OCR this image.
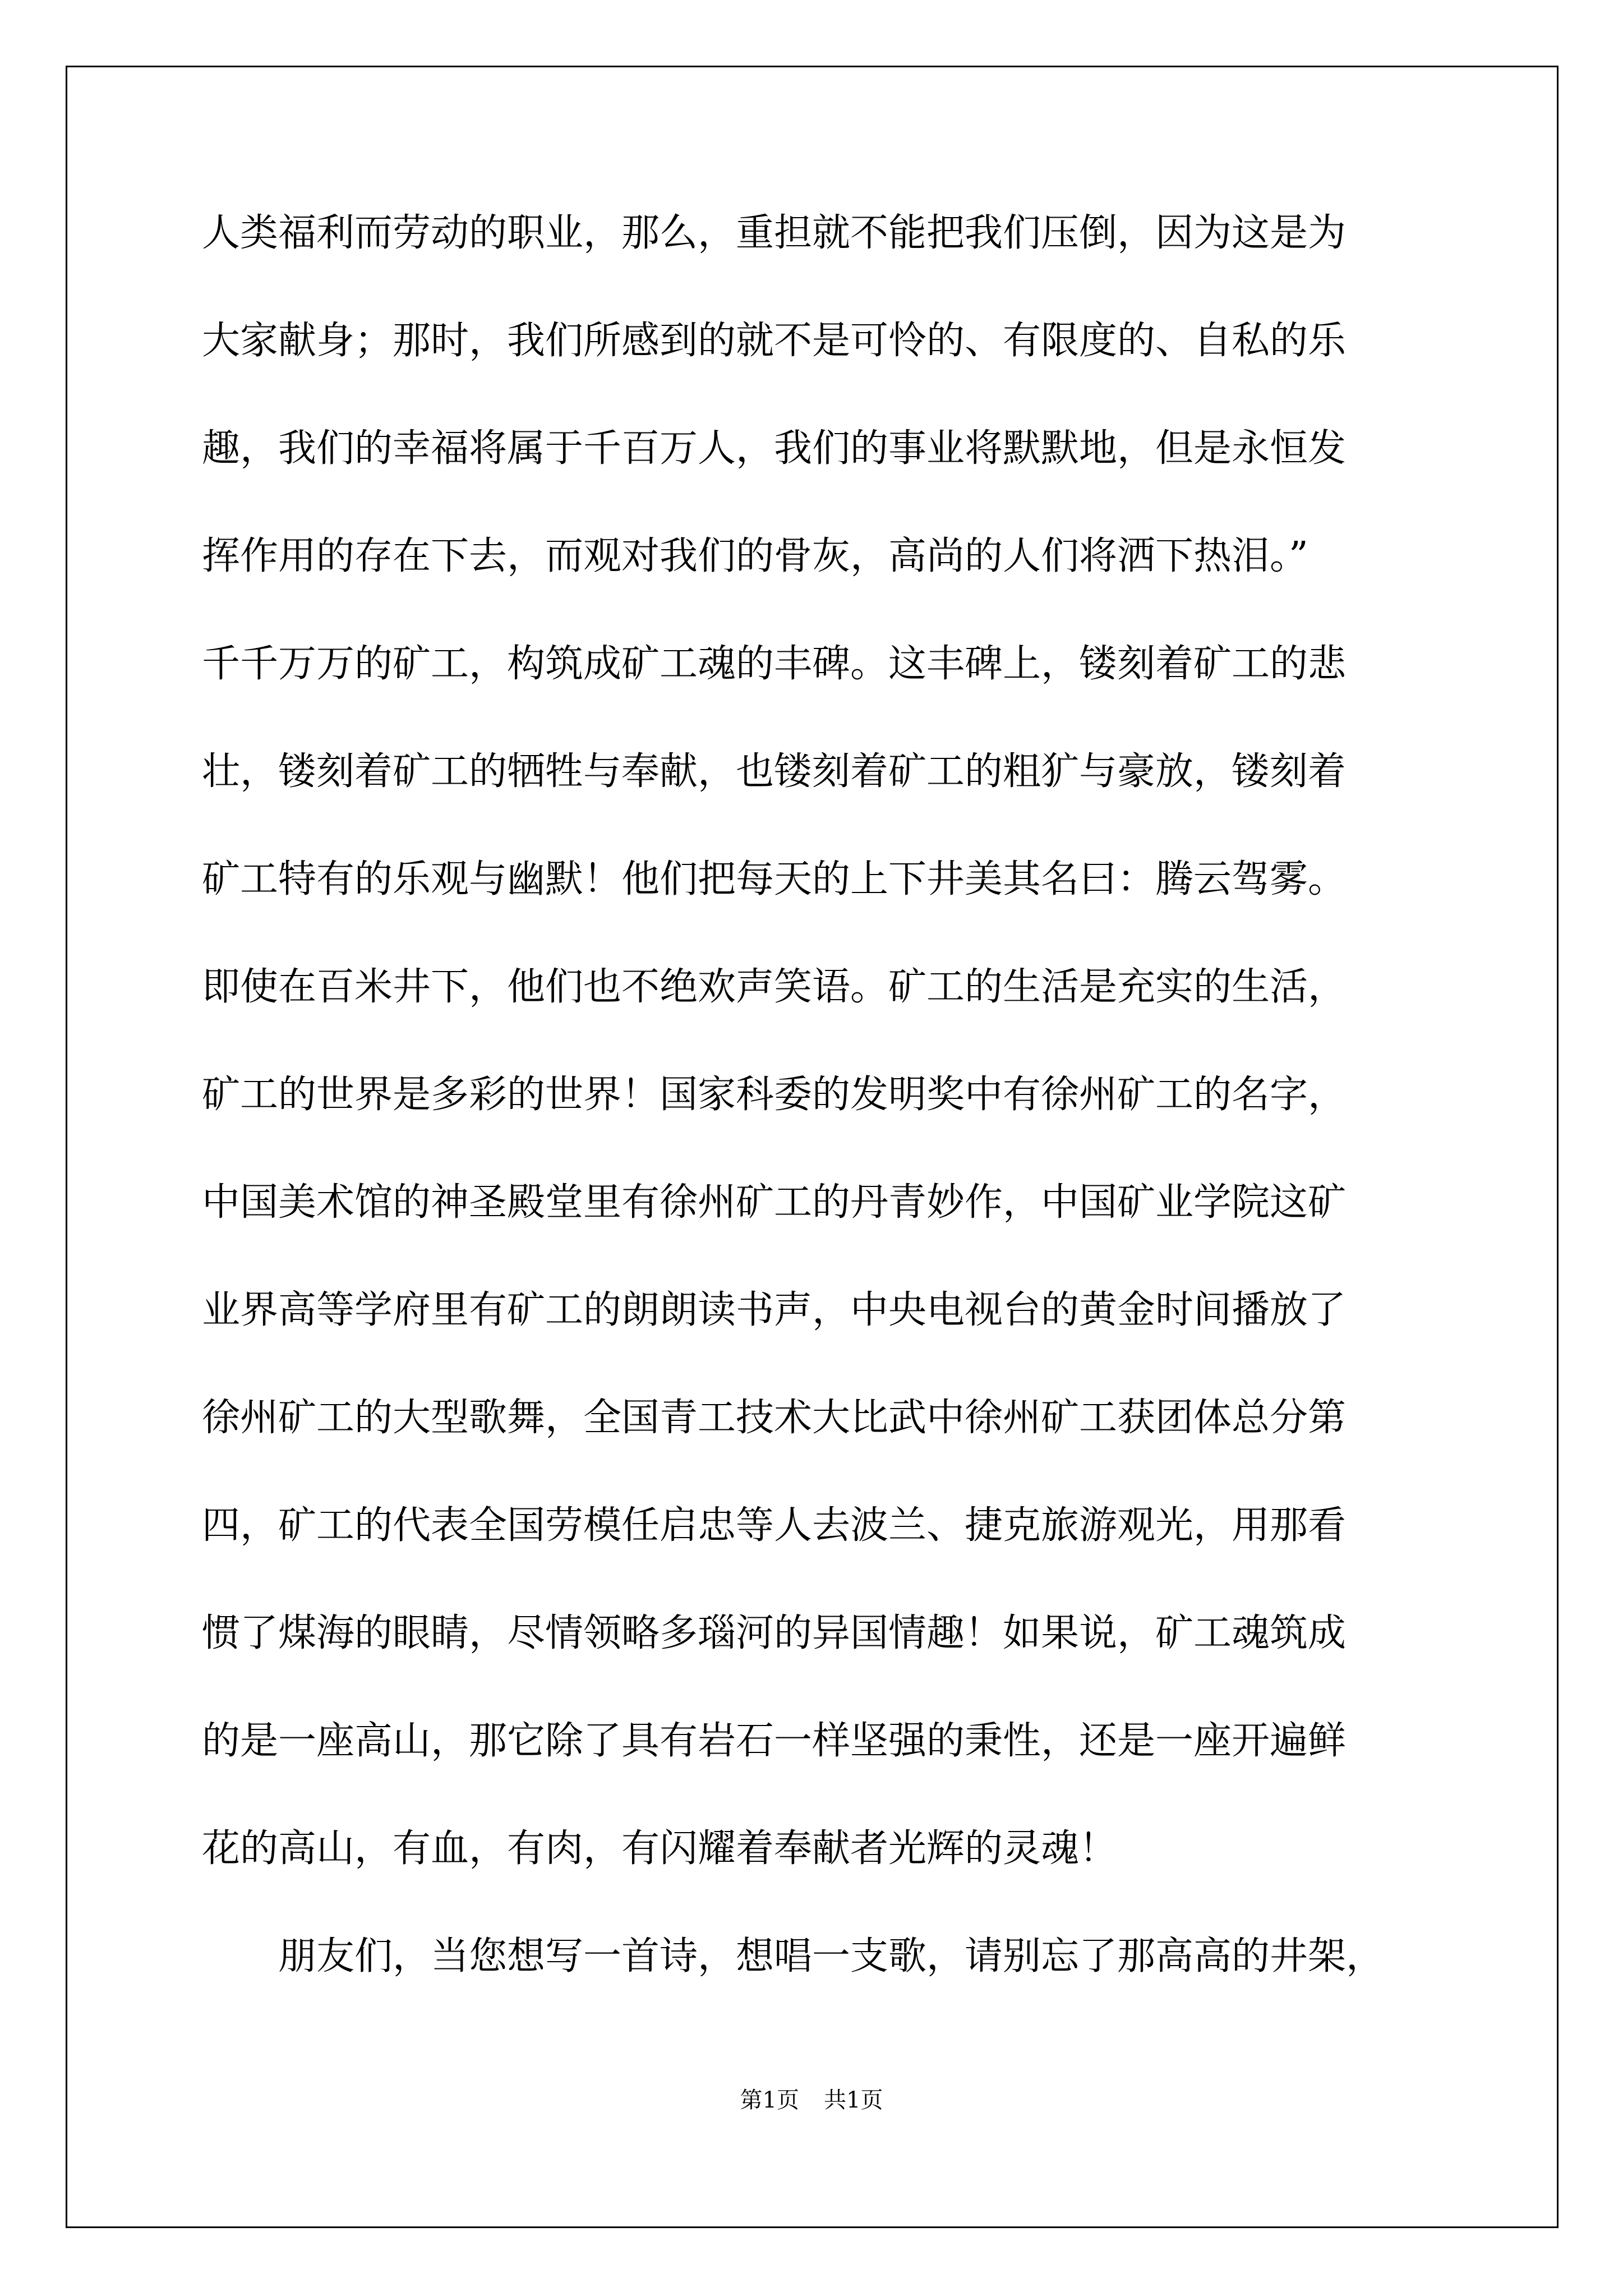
人类福利而劳动的职业，那么，重担就不能把我们压倒，因为这是为
大家献身；那时，我们所感到的就不是可怜的、有限度的、自私的乐
趣，我们的幸福将属于千百万人，我们的事业将默默地，但是永恒发
挥作用的存在下去，而观对我们的骨灰，高尚的人们将洒下热泪。”
千千万万的矿工，构筑成矿工魂的丰碑。这丰碑上，镂刻着矿工的悲
壮，镂刻着矿工的牺牲与奉献，也镂刻着矿工的粗犷与豪放，镂刻着
矿工特有的乐观与幽默！他们把每天的上下井美其名曰：腾云驾雾。
即使在百米井下，他们也不绝欢声笑语。矿工的生活是充实的生活，
矿工的世界是多彩的世界！国家科委的发明奖中有徐州矿工的名字，
中国美术馆的神圣殿堂里有徐州矿工的丹青妙作，中国矿业学院这矿
业界高等学府里有矿工的朗朗读书声，中央电视台的黄金时间播放了
徐州矿工的大型歌舞，全国青工技术大比武中徐州矿工获团体总分第
四，矿工的代表全国劳模任启忠等人去波兰、捷克旅游观光，用那看
惯了煤海的眼睛，尽情领略多瑙河的异国情趣！如果说，矿工魂筑成
的是一座高山，那它除了具有岩石一样坚强的秉性，还是一座开遍鲜
花的高山，有血，有肉，有闪耀着奉献者光辉的灵魂！
朋友们，当您想写一首诗，想唱一支歌，请别忘了那高高的井架，
第1页 共1页
